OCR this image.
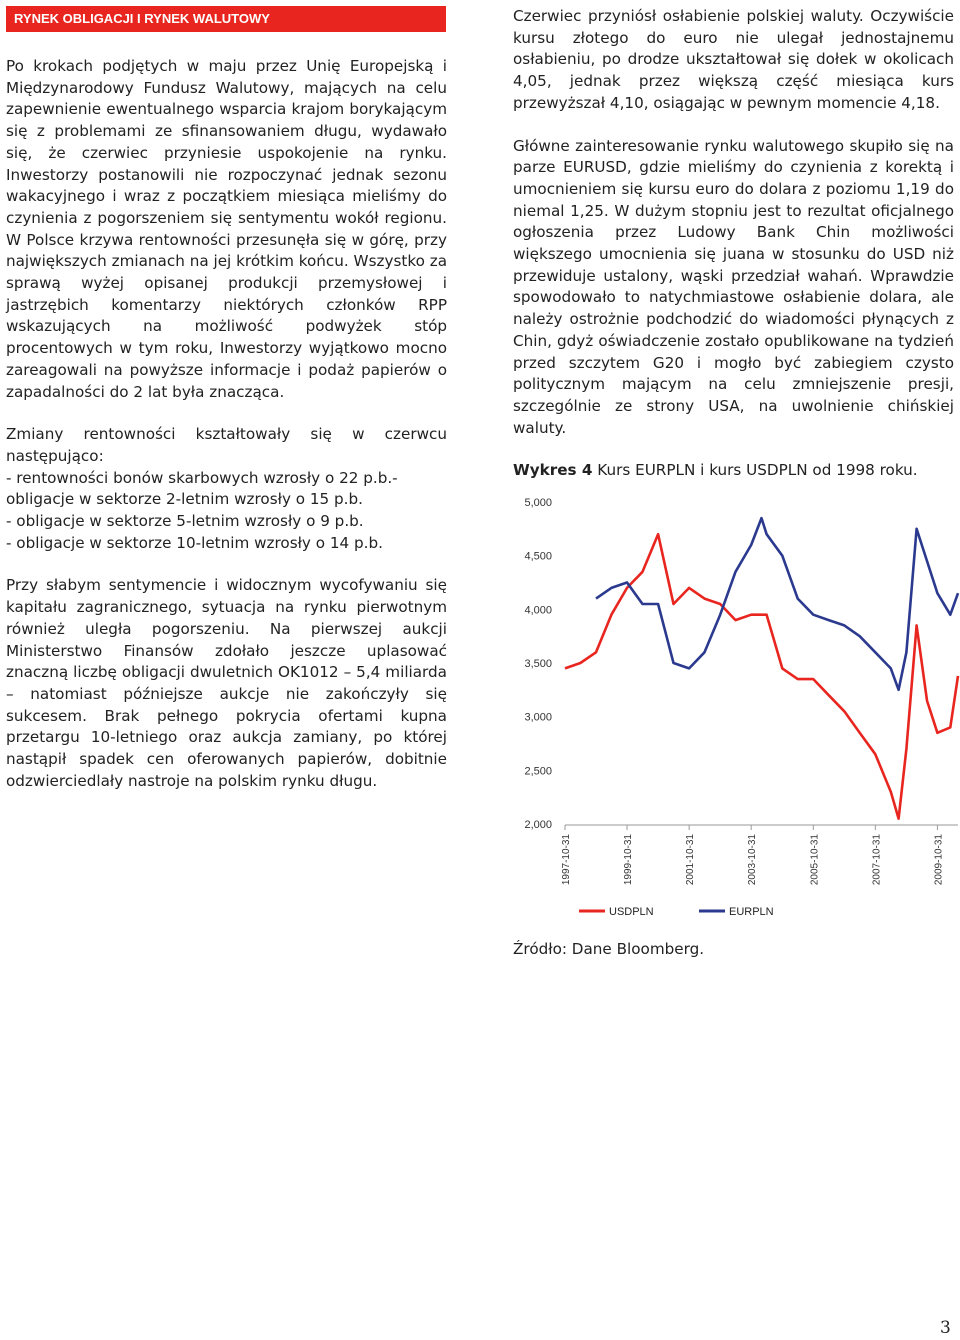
RYNEK OBLIGACJI I RYNEK WALUTOWY

Po krokach podjętych w maju przez Unię Europejską i Międzynarodowy Fundusz Walutowy, mających na celu zapewnienie ewentualnego wsparcia krajom borykającym się z problemami ze sfinansowaniem długu, wydawało się, że czerwiec przyniesie uspokojenie na rynku. Inwestorzy postanowili nie rozpoczynać jednak sezonu wakacyjnego i wraz z początkiem miesiąca mieliśmy do czynienia z pogorszeniem się sentymentu wokół regionu. W Polsce krzywa rentowności przesunęła się w górę, przy największych zmianach na jej krótkim końcu. Wszystko za sprawą wyżej opisanej produkcji przemysłowej i jastrzębich komentarzy niektórych członków RPP wskazujących na możliwość podwyżek stóp procentowych w tym roku, Inwestorzy wyjątkowo mocno zareagowali na powyższe informacje i podaż papierów o zapadalności do 2 lat była znacząca.

Zmiany rentowności kształtowały się w czerwcu następująco:

- rentowności bonów skarbowych wzrosły o 22 p.b.-
obligacje w sektorze 2-letnim wzrosły o 15 p.b.
- obligacje w sektorze 5-letnim wzrosły o 9 p.b.
- obligacje w sektorze 10-letnim wzrosły o 14 p.b.

Przy słabym sentymencie i widocznym wycofywaniu się kapitału zagranicznego, sytuacja na rynku pierwotnym również uległa pogorszeniu. Na pierwszej aukcji Ministerstwo Finansów zdołało jeszcze uplasować znaczną liczbę obligacji dwuletnich OK1012 – 5,4 miliarda – natomiast późniejsze aukcje nie zakończyły się sukcesem. Brak pełnego pokrycia ofertami kupna przetargu 10-letniego oraz aukcja zamiany, po której nastąpił spadek cen oferowanych papierów, dobitnie odzwierciedlały nastroje na polskim rynku długu.

Czerwiec przyniósł osłabienie polskiej waluty. Oczywiście kursu złotego do euro nie ulegał jednostajnemu osłabieniu, po drodze ukształtował się dołek w okolicach 4,05, jednak przez większą część miesiąca kurs przewyższał 4,10, osiągając w pewnym momencie 4,18.

Główne zainteresowanie rynku walutowego skupiło się na parze EURUSD, gdzie mieliśmy do czynienia z korektą i umocnieniem się kursu euro do dolara z poziomu 1,19 do niemal 1,25. W dużym stopniu jest to rezultat oficjalnego ogłoszenia przez Ludowy Bank Chin możliwości większego umocnienia się juana w stosunku do USD niż przewiduje ustalony, wąski przedział wahań. Wprawdzie spowodowało to natychmiastowe osłabienie dolara, ale należy ostrożnie podchodzić do wiadomości płynących z Chin, gdyż oświadczenie zostało opublikowane na tydzień przed szczytem G20 i mogło być zabiegiem czysto politycznym mającym na celu zmniejszenie presji, szczególnie ze strony USA, na uwolnienie chińskiej waluty.

Wykres 4 Kurs EURPLN i kurs USDPLN od 1998 roku.

5,000
4,500
4,000
3,500
3,000
2,500
2,000
1997-10-31	1999-10-31	2001-10-31	2003-10-31	2005-10-31	2007-10-31	2009-10-31
USDPLN	EURPLN
Źródło: Dane Bloomberg.
3
